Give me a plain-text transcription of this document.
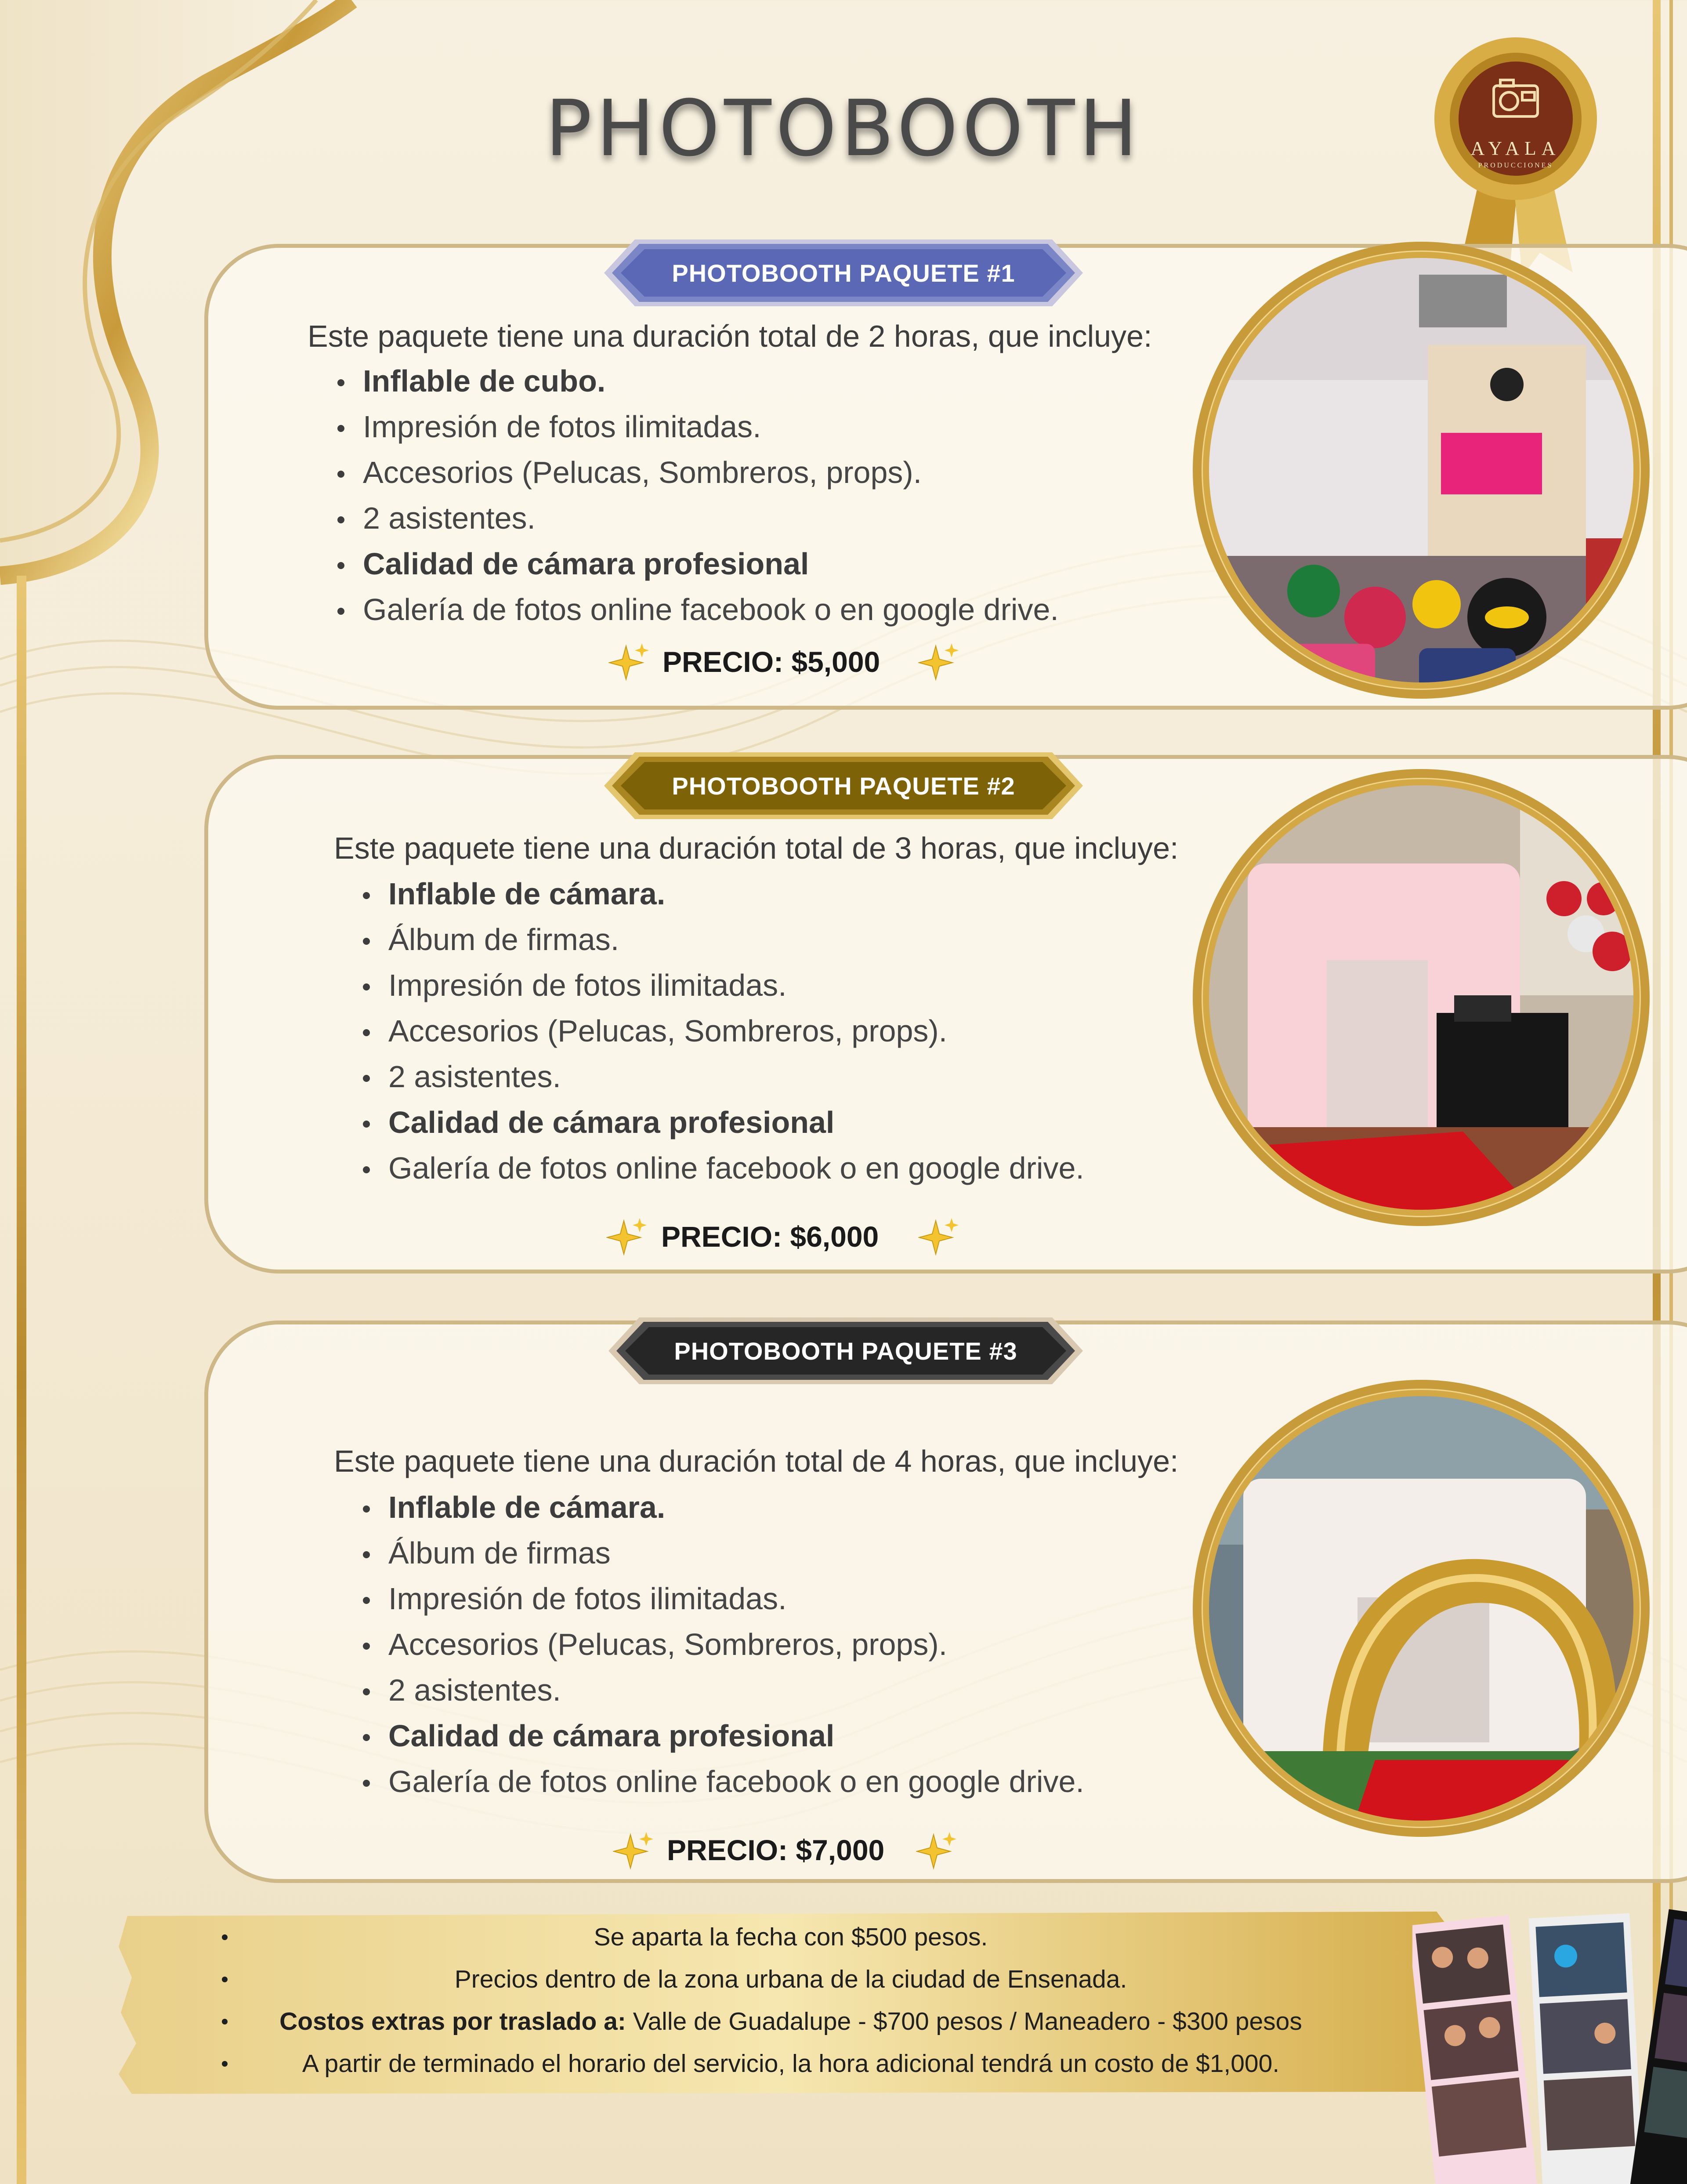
PHOTOBOOTH	AYALA
PRODUCCIONES
PHOTOBOOTH PAQUETE #1
Este paquete tiene una duración total de 2 horas, que incluye:
Inflable de cubo.
Impresión de fotos ilimitadas.
Accesorios (Pelucas, Sombreros, props).
2 asistentes.
Calidad de cámara profesional
Galería de fotos online facebook o en google drive.
PRECIO: $5,000
PHOTOBOOTH PAQUETE #2
Este paquete tiene una duración total de 3 horas, que incluye:
Inflable de cámara.
Álbum de firmas.
Impresión de fotos ilimitadas.
Accesorios (Pelucas, Sombreros, props).
2 asistentes.
Calidad de cámara profesional
Galería de fotos online facebook o en google drive.
PRECIO: $6,000
PHOTOBOOTH PAQUETE #3
Este paquete tiene una duración total de 4 horas, que incluye:
Inflable de cámara.
Álbum de firmas
Impresión de fotos ilimitadas.
Accesorios (Pelucas, Sombreros, props).
2 asistentes.
Calidad de cámara profesional
Galería de fotos online facebook o en google drive.
PRECIO: $7,000
Se aparta la fecha con $500 pesos.
Precios dentro de la zona urbana de la ciudad de Ensenada.
Costos extras por traslado a: Valle de Guadalupe - $700 pesos / Maneadero - $300 pesos
A partir de terminado el horario del servicio, la hora adicional tendrá un costo de $1,000.
